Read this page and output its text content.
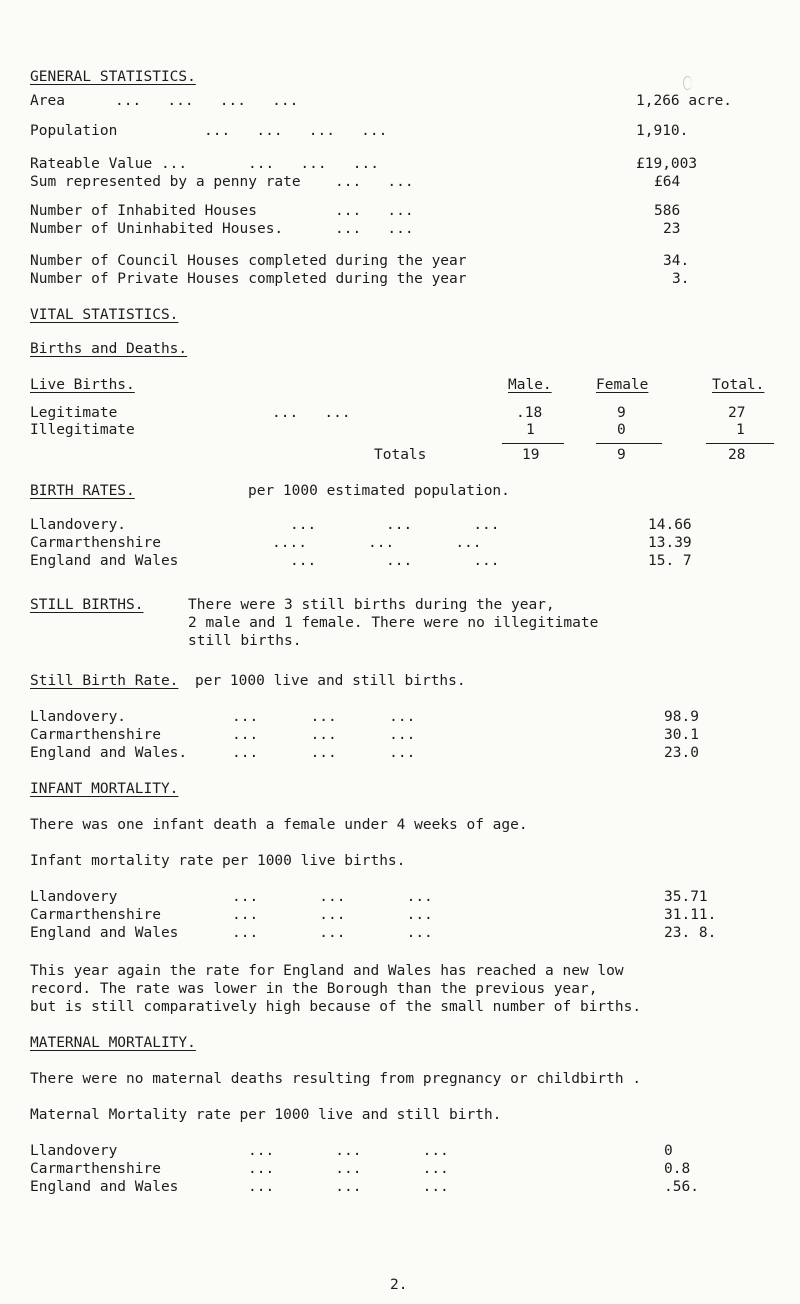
GENERAL STATISTICS.
Area	...   ...   ...   ...	1,266 acre.
Population	...   ...   ...   ...	1,910.
Rateable Value ...	...   ...   ...	£19,003
Sum represented by a penny rate ...   ...	£64
Number of Inhabited Houses	...   ...	586
Number of Uninhabited Houses.	...   ...	23
Number of Council Houses completed during the year	34.
Number of Private Houses completed during the year	3.
VITAL STATISTICS.
Births and Deaths.
Live Births.	Male.	Female	Total.
Legitimate	...   ...	.18	9	27
Illegitimate	1	0	1
Totals	19	9	28
BIRTH RATES.	per 1000 estimated population.
Llandovery.	...        ...       ...	14.66
Carmarthenshire	....       ...       ...	13.39
England and Wales	...        ...       ...	15. 7
STILL BIRTHS.	There were 3 still births during the year,
2 male and 1 female. There were no illegitimate
still births.
Still Birth Rate. per 1000 live and still births.
Llandovery.	...      ...      ...	98.9
Carmarthenshire	...      ...      ...	30.1
England and Wales.	...      ...      ...	23.0
INFANT MORTALITY.
There was one infant death a female under 4 weeks of age.
Infant mortality rate per 1000 live births.
Llandovery	...       ...       ...	35.71
Carmarthenshire	...       ...       ...	31.11.
England and Wales	...       ...       ...	23. 8.
This year again the rate for England and Wales has reached a new low
record. The rate was lower in the Borough than the previous year,
but is still comparatively high because of the small number of births.
MATERNAL MORTALITY.
There were no maternal deaths resulting from pregnancy or childbirth .
Maternal Mortality rate per 1000 live and still birth.
Llandovery	...       ...       ...	0
Carmarthenshire	...       ...       ...	0.8
England and Wales	...       ...       ...	.56.
2.
